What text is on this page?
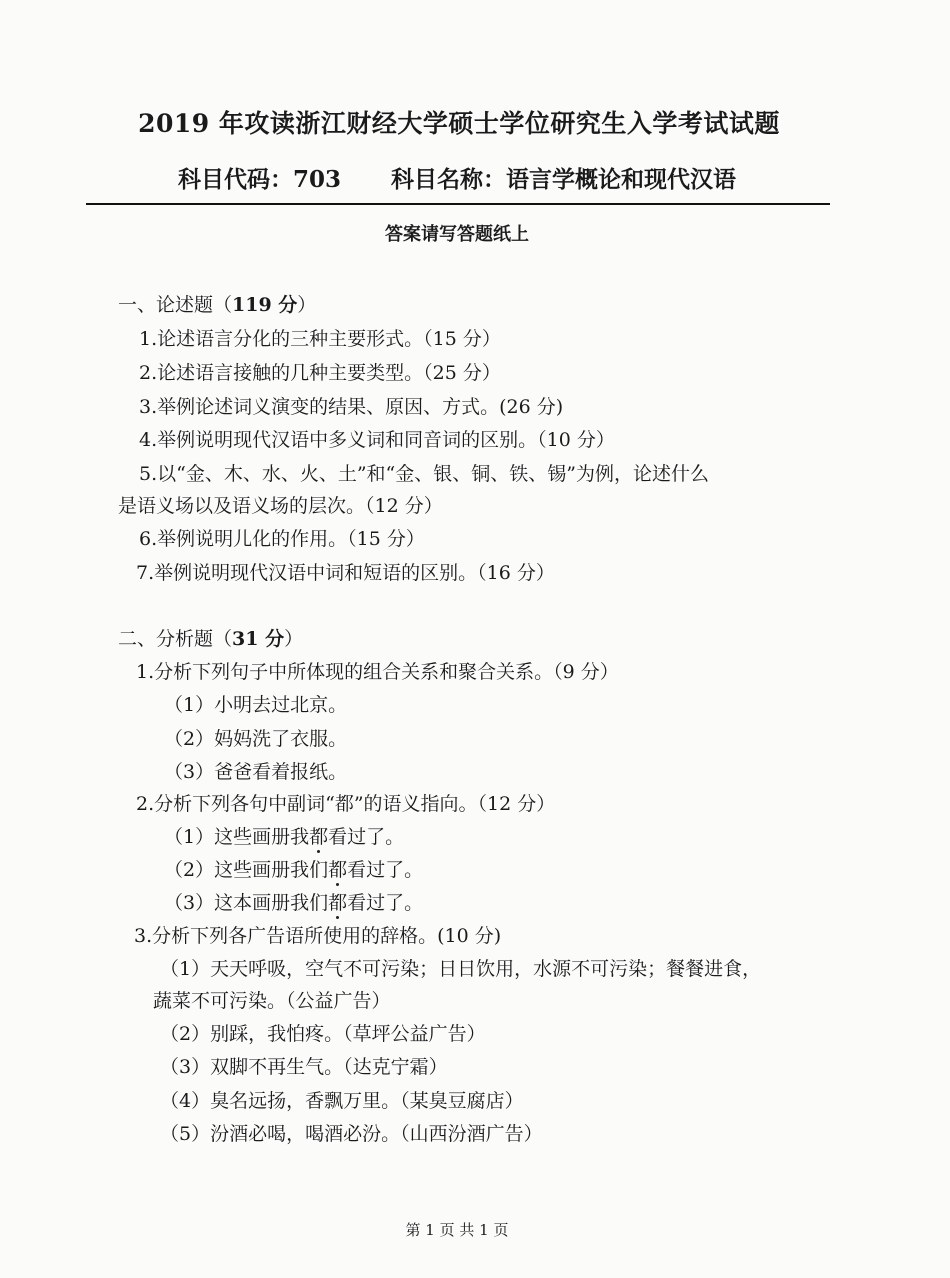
2019 年攻读浙江财经大学硕士学位研究生入学考试试题
科目代码：703 科目名称：语言学概论和现代汉语
答案请写答题纸上
一、论述题（119 分）
1.论述语言分化的三种主要形式。（15 分）
2.论述语言接触的几种主要类型。（25 分）
3.举例论述词义演变的结果、原因、方式。(26 分)
4.举例说明现代汉语中多义词和同音词的区别。（10 分）
5.以“金、木、水、火、土”和“金、银、铜、铁、锡”为例，论述什么
是语义场以及语义场的层次。（12 分）
6.举例说明儿化的作用。（15 分）
7.举例说明现代汉语中词和短语的区别。（16 分）
二、分析题（31 分）
1.分析下列句子中所体现的组合关系和聚合关系。（9 分）
（1）小明去过北京。
（2）妈妈洗了衣服。
（3）爸爸看着报纸。
2.分析下列各句中副词“都”的语义指向。（12 分）
（1）这些画册我都看过了。
（2）这些画册我们都看过了。
（3）这本画册我们都看过了。
3.分析下列各广告语所使用的辞格。(10 分)
（1）天天呼吸，空气不可污染；日日饮用，水源不可污染；餐餐进食，
蔬菜不可污染。（公益广告）
（2）别踩，我怕疼。（草坪公益广告）
（3）双脚不再生气。（达克宁霜）
（4）臭名远扬，香飘万里。（某臭豆腐店）
（5）汾酒必喝，喝酒必汾。（山西汾酒广告）
第 1 页 共 1 页
